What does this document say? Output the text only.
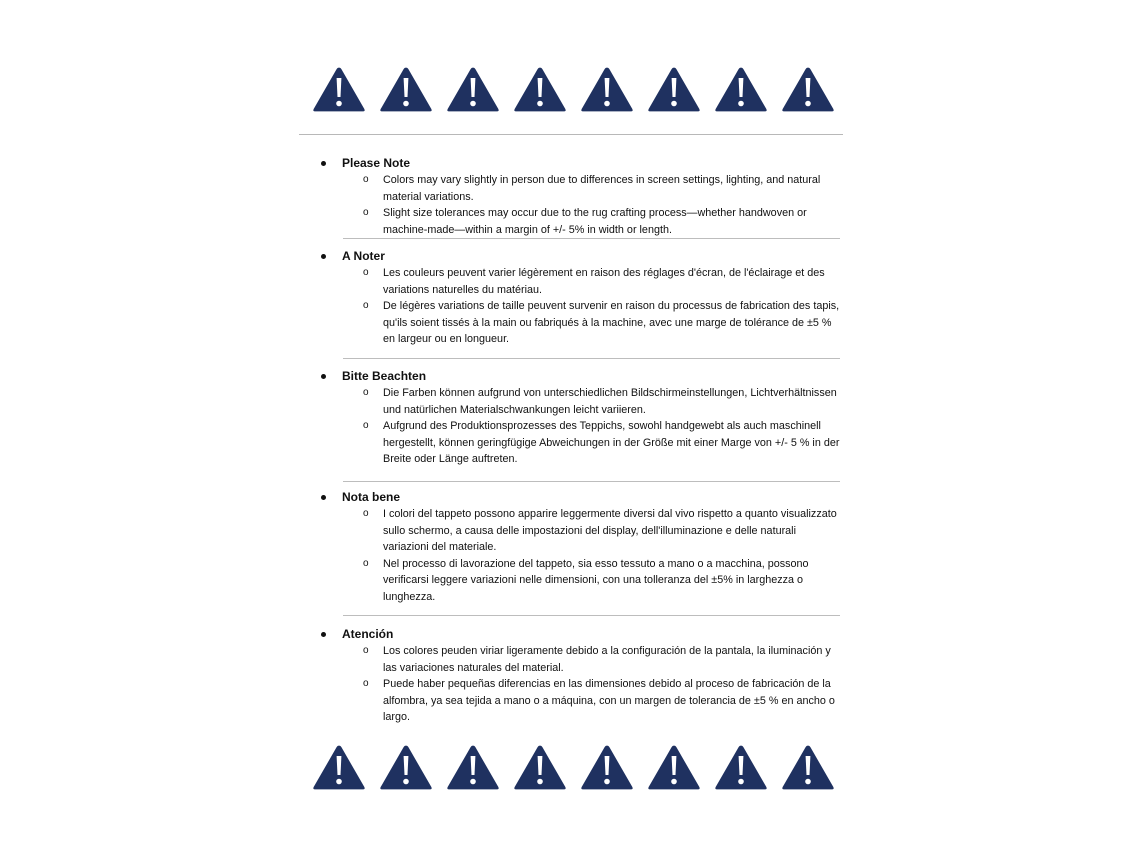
Please Note
o Colors may vary slightly in person due to differences in screen settings, lighting, and natural material variations.
o Slight size tolerances may occur due to the rug crafting process—whether handwoven or machine-made—within a margin of +/- 5% in width or length.
A Noter
o Les couleurs peuvent varier légèrement en raison des réglages d'écran, de l'éclairage et des variations naturelles du matériau.
o De légères variations de taille peuvent survenir en raison du processus de fabrication des tapis, qu'ils soient tissés à la main ou fabriqués à la machine, avec une marge de tolérance de ±5 % en largeur ou en longueur.
Bitte Beachten
o Die Farben können aufgrund von unterschiedlichen Bildschirmeinstellungen, Lichtverhältnissen und natürlichen Materialschwankungen leicht variieren.
o Aufgrund des Produktionsprozesses des Teppichs, sowohl handgewebt als auch maschinell hergestellt, können geringfügige Abweichungen in der Größe mit einer Marge von +/- 5 % in der Breite oder Länge auftreten.
Nota bene
o I colori del tappeto possono apparire leggermente diversi dal vivo rispetto a quanto visualizzato sullo schermo, a causa delle impostazioni del display, dell'illuminazione e delle naturali variazioni del materiale.
o Nel processo di lavorazione del tappeto, sia esso tessuto a mano o a macchina, possono verificarsi leggere variazioni nelle dimensioni, con una tolleranza del ±5% in larghezza o lunghezza.
Atención
o Los colores peuden viriar ligeramente debido a la configuración de la pantala, la iluminación y las variaciones naturales del material.
o Puede haber pequeñas diferencias en las dimensiones debido al proceso de fabricación de la alfombra, ya sea tejida a mano o a máquina, con un margen de tolerancia de ±5 % en ancho o largo.
